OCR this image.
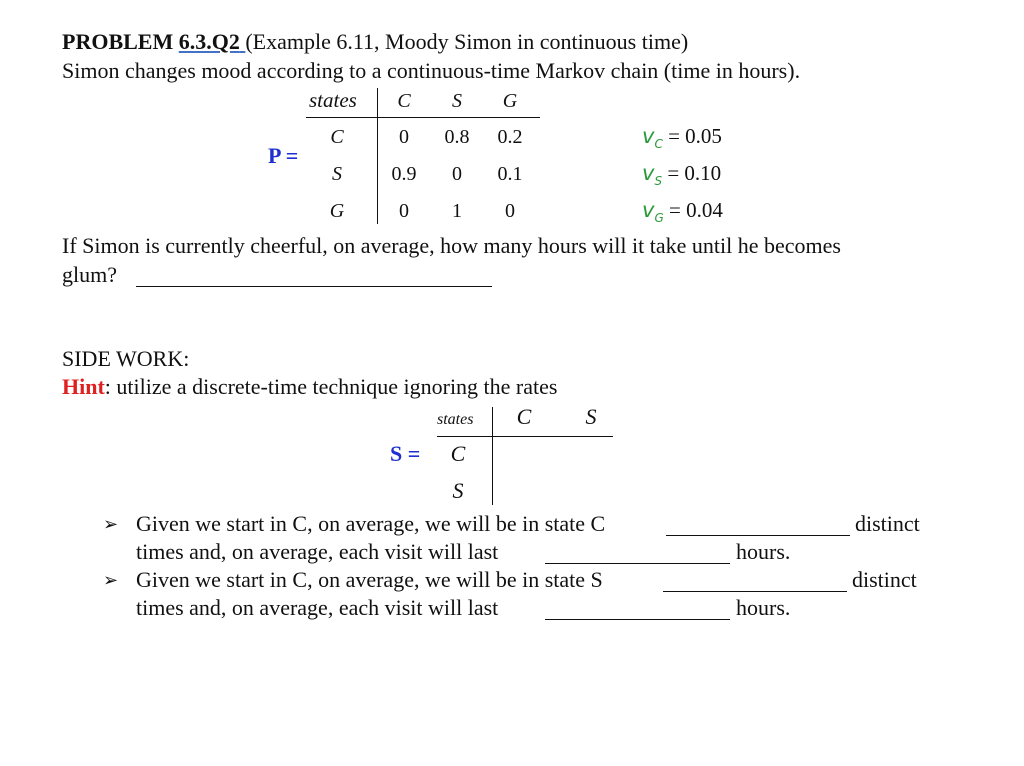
PROBLEM 6.3.Q2 (Example 6.11, Moody Simon in continuous time)
Simon changes mood according to a continuous-time Markov chain (time in hours).
P =
states	C	S	G
C	0	0.8	0.2
S	0.9	0	0.1
G	0	1	0
$v_C = 0.05$
$v_S = 0.10$
$v_G = 0.04$
If Simon is currently cheerful, on average, how many hours will it take until he becomes
glum?
SIDE WORK:
Hint: utilize a discrete-time technique ignoring the rates
S =
states	C	S
C
S
➢ Given we start in C, on average, we will be in state C	distinct
times and, on average, each visit will last	hours.
➢ Given we start in C, on average, we will be in state S	distinct
times and, on average, each visit will last	hours.
